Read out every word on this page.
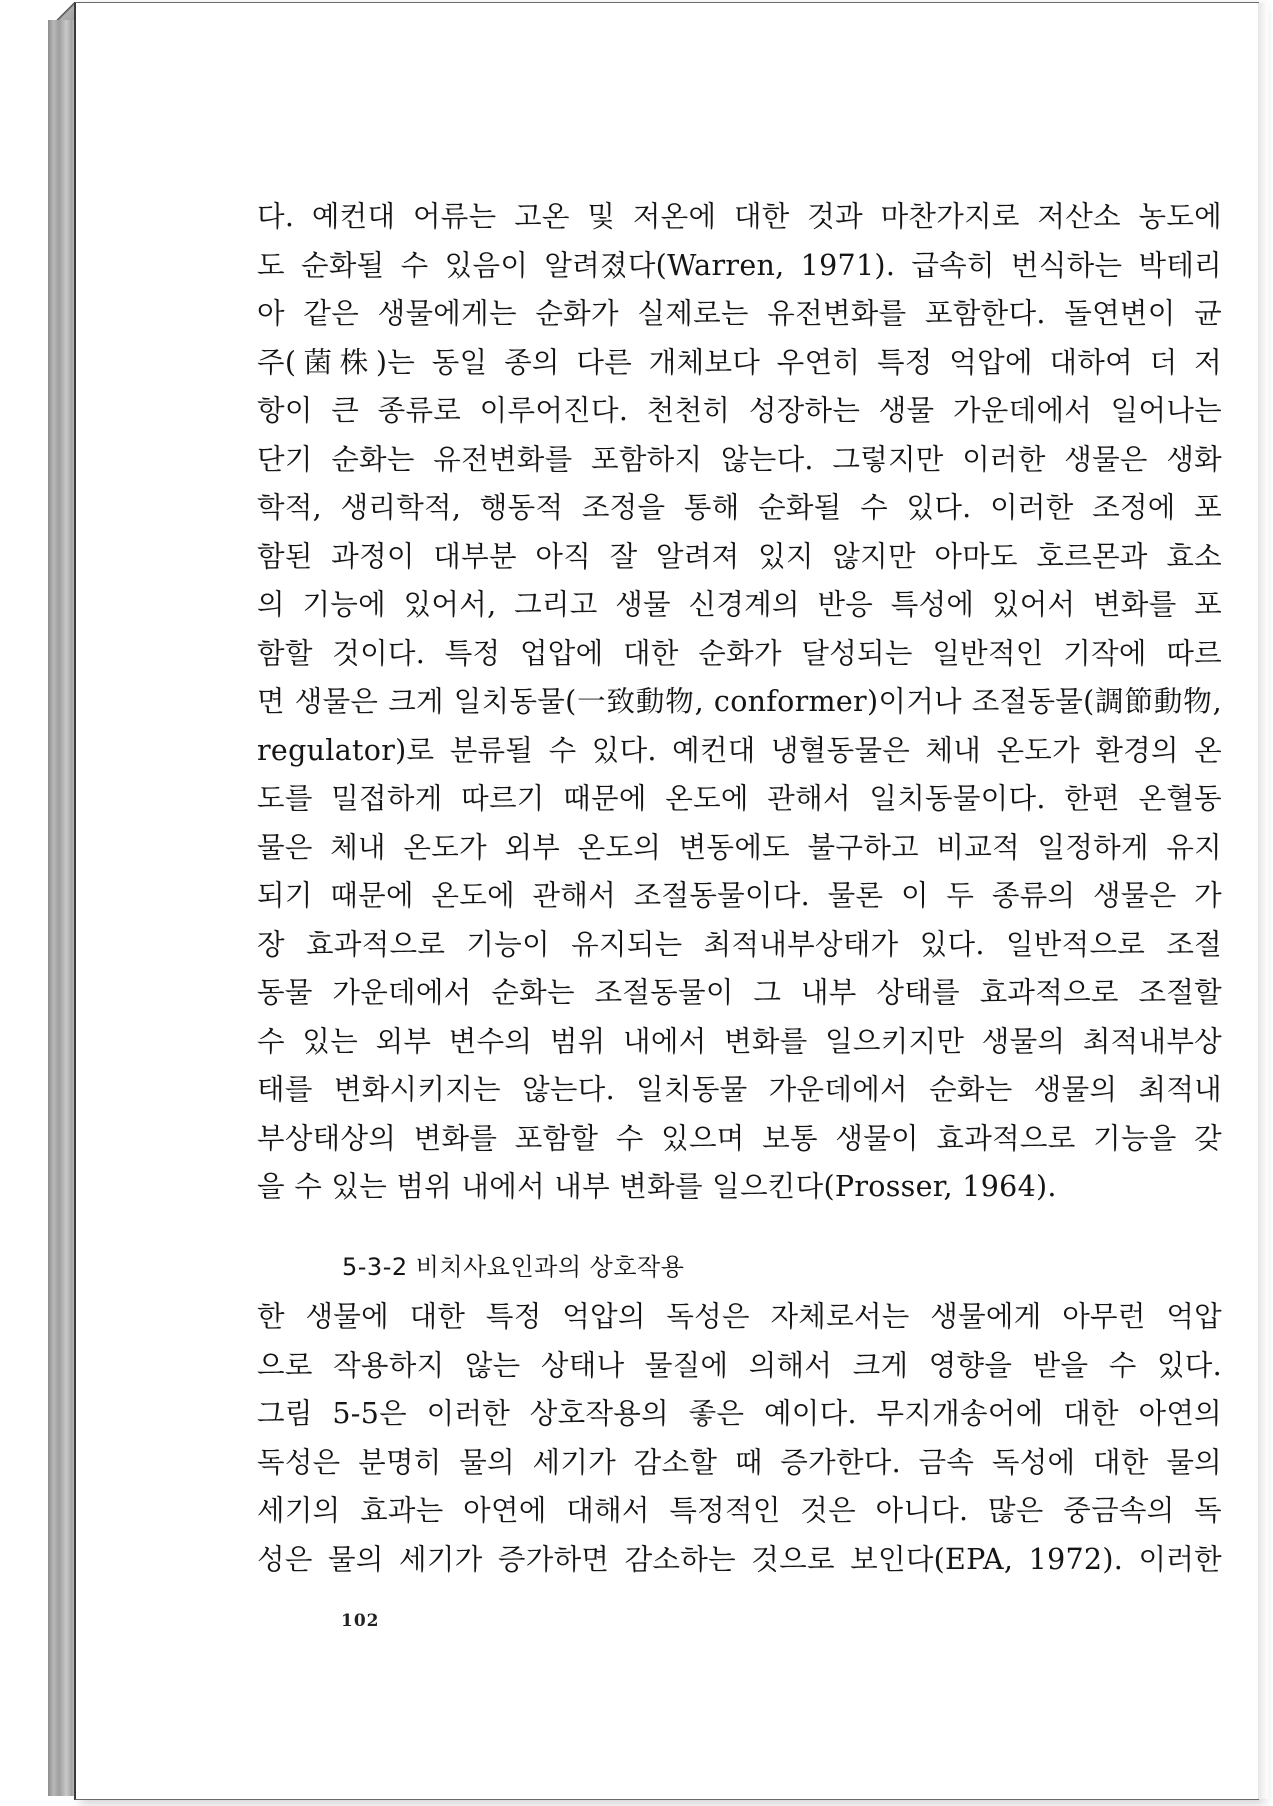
다. 예컨대 어류는 고온 및 저온에 대한 것과 마찬가지로 저산소 농도에
도 순화될 수 있음이 알려졌다(Warren, 1971). 급속히 번식하는 박테리
아 같은 생물에게는 순화가 실제로는 유전변화를 포함한다. 돌연변이 균
주(菌株)는 동일 종의 다른 개체보다 우연히 특정 억압에 대하여 더 저
항이 큰 종류로 이루어진다. 천천히 성장하는 생물 가운데에서 일어나는
단기 순화는 유전변화를 포함하지 않는다. 그렇지만 이러한 생물은 생화
학적, 생리학적, 행동적 조정을 통해 순화될 수 있다. 이러한 조정에 포
함된 과정이 대부분 아직 잘 알려져 있지 않지만 아마도 호르몬과 효소
의 기능에 있어서, 그리고 생물 신경계의 반응 특성에 있어서 변화를 포
함할 것이다. 특정 업압에 대한 순화가 달성되는 일반적인 기작에 따르
면 생물은 크게 일치동물(一致動物, conformer)이거나 조절동물(調節動物,
regulator)로 분류될 수 있다. 예컨대 냉혈동물은 체내 온도가 환경의 온
도를 밀접하게 따르기 때문에 온도에 관해서 일치동물이다. 한편 온혈동
물은 체내 온도가 외부 온도의 변동에도 불구하고 비교적 일정하게 유지
되기 때문에 온도에 관해서 조절동물이다. 물론 이 두 종류의 생물은 가
장 효과적으로 기능이 유지되는 최적내부상태가 있다. 일반적으로 조절
동물 가운데에서 순화는 조절동물이 그 내부 상태를 효과적으로 조절할
수 있는 외부 변수의 범위 내에서 변화를 일으키지만 생물의 최적내부상
태를 변화시키지는 않는다. 일치동물 가운데에서 순화는 생물의 최적내
부상태상의 변화를 포함할 수 있으며 보통 생물이 효과적으로 기능을 갖
을 수 있는 범위 내에서 내부 변화를 일으킨다(Prosser, 1964).
5-3-2 비치사요인과의 상호작용
한 생물에 대한 특정 억압의 독성은 자체로서는 생물에게 아무런 억압
으로 작용하지 않는 상태나 물질에 의해서 크게 영향을 받을 수 있다.
그림 5-5은 이러한 상호작용의 좋은 예이다. 무지개송어에 대한 아연의
독성은 분명히 물의 세기가 감소할 때 증가한다. 금속 독성에 대한 물의
세기의 효과는 아연에 대해서 특정적인 것은 아니다. 많은 중금속의 독
성은 물의 세기가 증가하면 감소하는 것으로 보인다(EPA, 1972). 이러한
102
